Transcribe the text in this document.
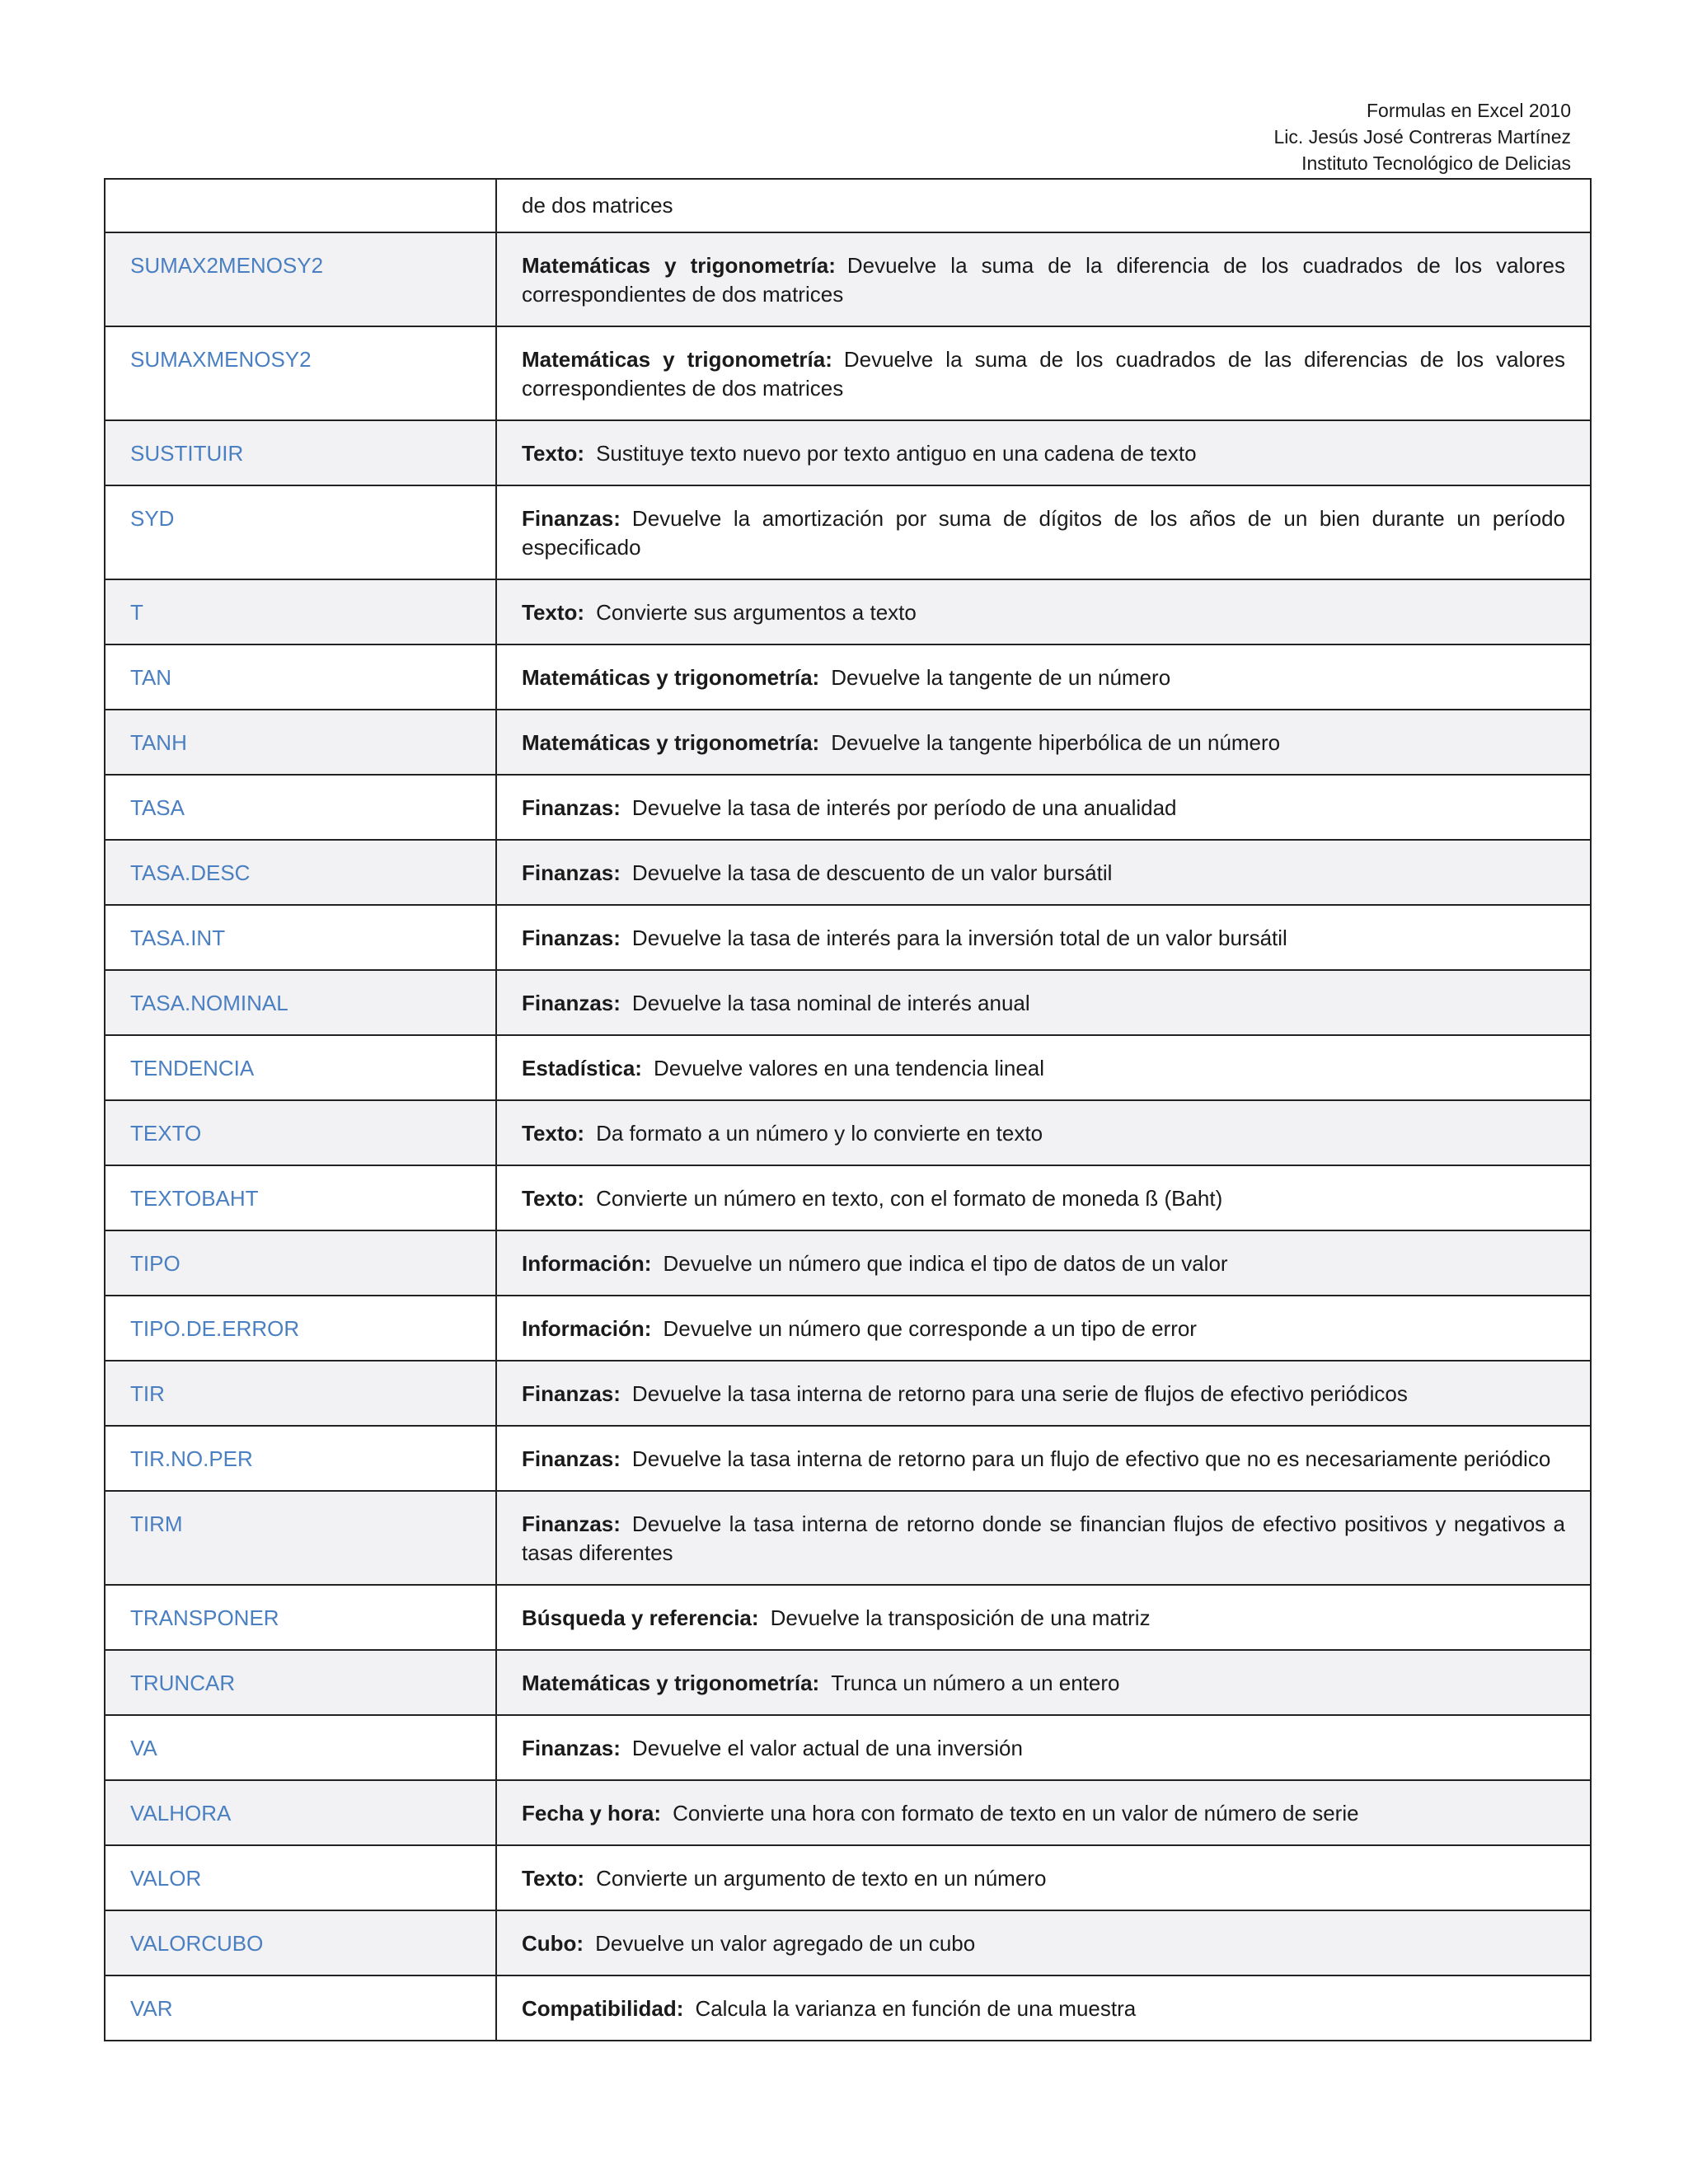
Formulas en Excel 2010
Lic. Jesús José Contreras Martínez
Instituto Tecnológico de Delicias
	de dos matrices
SUMAX2MENOSY2	Matemáticas y trigonometría: Devuelve la suma de la diferencia de los cuadrados de los valores correspondientes de dos matrices
SUMAXMENOSY2	Matemáticas y trigonometría: Devuelve la suma de los cuadrados de las diferencias de los valores correspondientes de dos matrices
SUSTITUIR	Texto: Sustituye texto nuevo por texto antiguo en una cadena de texto
SYD	Finanzas: Devuelve la amortización por suma de dígitos de los años de un bien durante un período especificado
T	Texto: Convierte sus argumentos a texto
TAN	Matemáticas y trigonometría: Devuelve la tangente de un número
TANH	Matemáticas y trigonometría: Devuelve la tangente hiperbólica de un número
TASA	Finanzas: Devuelve la tasa de interés por período de una anualidad
TASA.DESC	Finanzas: Devuelve la tasa de descuento de un valor bursátil
TASA.INT	Finanzas: Devuelve la tasa de interés para la inversión total de un valor bursátil
TASA.NOMINAL	Finanzas: Devuelve la tasa nominal de interés anual
TENDENCIA	Estadística: Devuelve valores en una tendencia lineal
TEXTO	Texto: Da formato a un número y lo convierte en texto
TEXTOBAHT	Texto: Convierte un número en texto, con el formato de moneda ß (Baht)
TIPO	Información: Devuelve un número que indica el tipo de datos de un valor
TIPO.DE.ERROR	Información: Devuelve un número que corresponde a un tipo de error
TIR	Finanzas: Devuelve la tasa interna de retorno para una serie de flujos de efectivo periódicos
TIR.NO.PER	Finanzas: Devuelve la tasa interna de retorno para un flujo de efectivo que no es necesariamente periódico
TIRM	Finanzas: Devuelve la tasa interna de retorno donde se financian flujos de efectivo positivos y negativos a tasas diferentes
TRANSPONER	Búsqueda y referencia: Devuelve la transposición de una matriz
TRUNCAR	Matemáticas y trigonometría: Trunca un número a un entero
VA	Finanzas: Devuelve el valor actual de una inversión
VALHORA	Fecha y hora: Convierte una hora con formato de texto en un valor de número de serie
VALOR	Texto: Convierte un argumento de texto en un número
VALORCUBO	Cubo: Devuelve un valor agregado de un cubo
VAR	Compatibilidad: Calcula la varianza en función de una muestra
